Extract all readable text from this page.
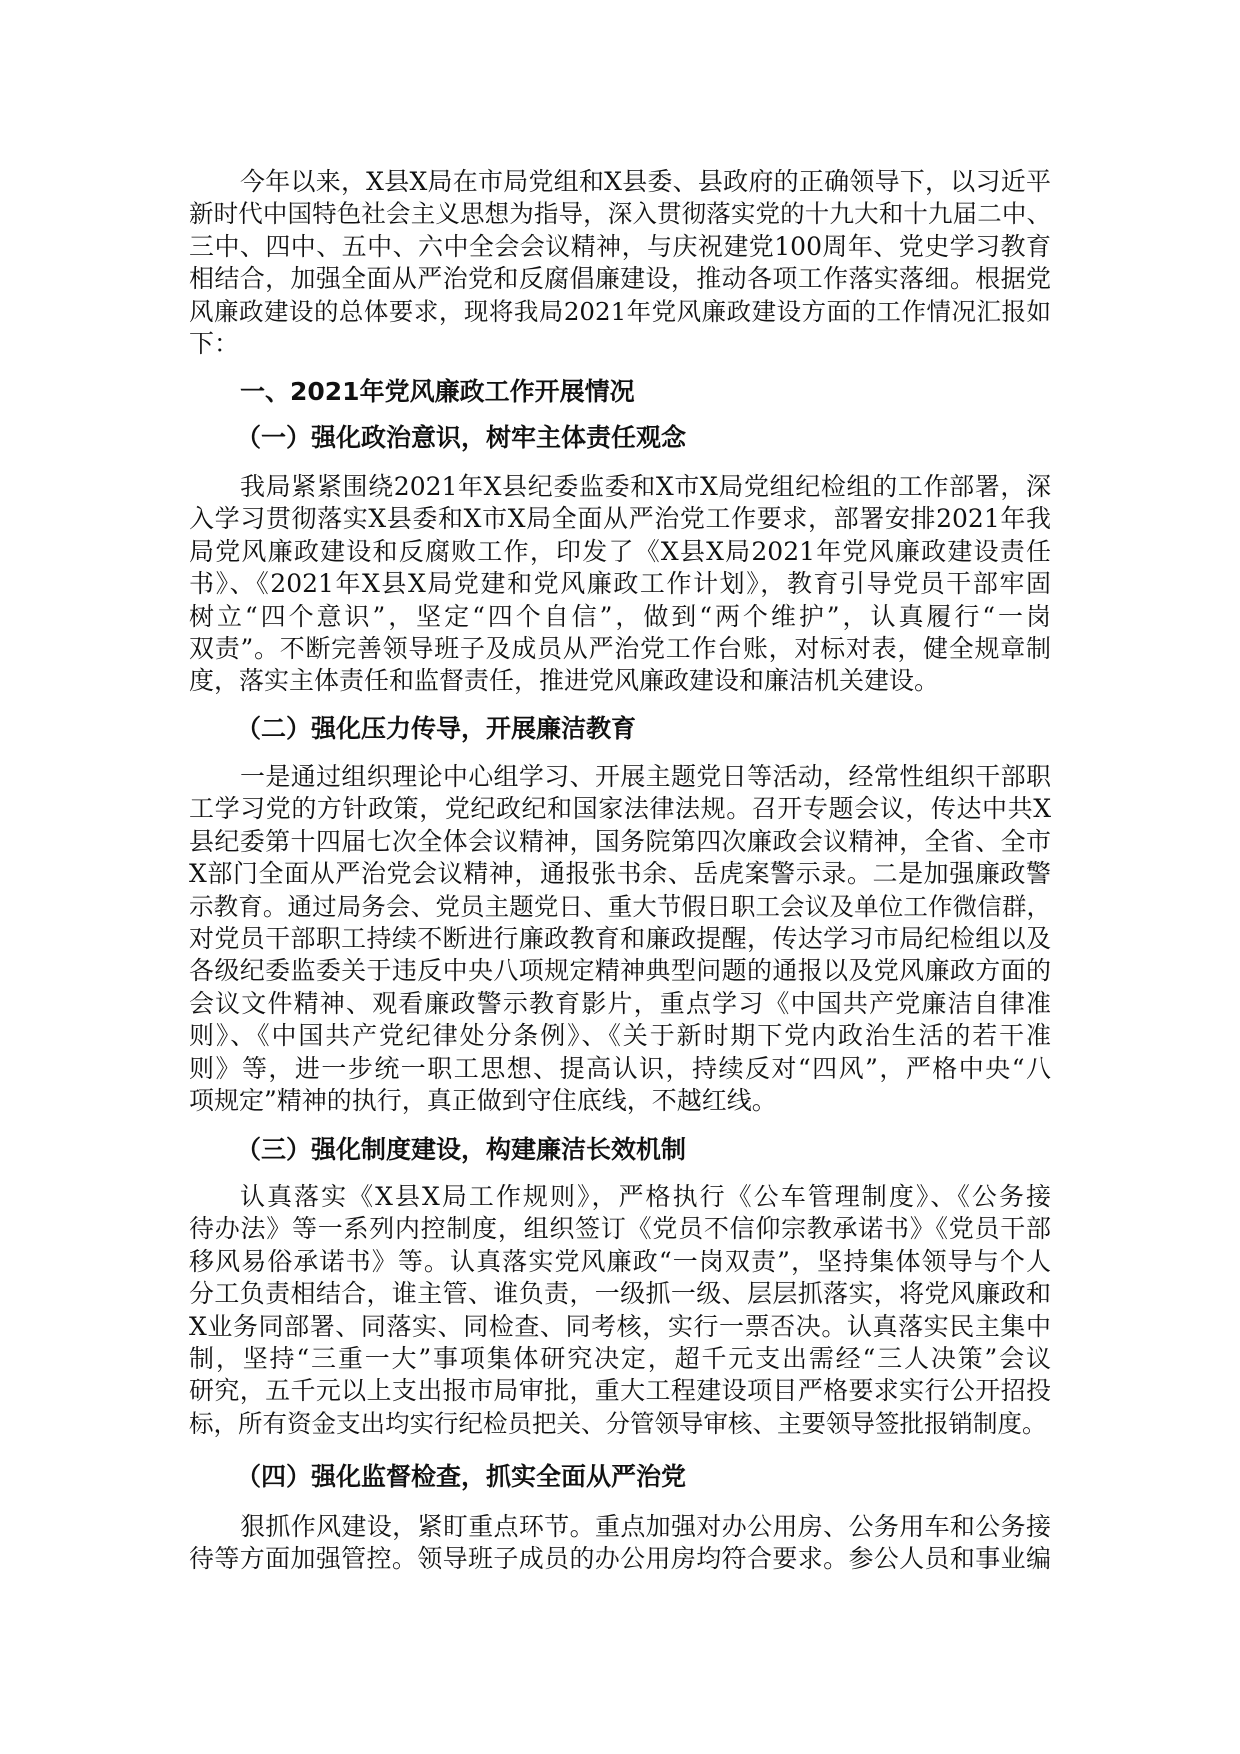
今年以来，X县X局在市局党组和X县委、县政府的正确领导下，以习近平
新时代中国特色社会主义思想为指导，深入贯彻落实党的十九大和十九届二中、
三中、四中、五中、六中全会会议精神，与庆祝建党100周年、党史学习教育
相结合，加强全面从严治党和反腐倡廉建设，推动各项工作落实落细。根据党
风廉政建设的总体要求，现将我局2021年党风廉政建设方面的工作情况汇报如
下：
一、2021年党风廉政工作开展情况
（一）强化政治意识，树牢主体责任观念
我局紧紧围绕2021年X县纪委监委和X市X局党组纪检组的工作部署，深
入学习贯彻落实X县委和X市X局全面从严治党工作要求，部署安排2021年我
局党风廉政建设和反腐败工作，印发了《X县X局2021年党风廉政建设责任
书》、《2021年X县X局党建和党风廉政工作计划》，教育引导党员干部牢固
树立“四个意识”，坚定“四个自信”，做到“两个维护”，认真履行“一岗
双责”。不断完善领导班子及成员从严治党工作台账，对标对表，健全规章制
度，落实主体责任和监督责任，推进党风廉政建设和廉洁机关建设。
（二）强化压力传导，开展廉洁教育
一是通过组织理论中心组学习、开展主题党日等活动，经常性组织干部职
工学习党的方针政策，党纪政纪和国家法律法规。召开专题会议，传达中共X
县纪委第十四届七次全体会议精神，国务院第四次廉政会议精神，全省、全市
X部门全面从严治党会议精神，通报张书余、岳虎案警示录。二是加强廉政警
示教育。通过局务会、党员主题党日、重大节假日职工会议及单位工作微信群，
对党员干部职工持续不断进行廉政教育和廉政提醒，传达学习市局纪检组以及
各级纪委监委关于违反中央八项规定精神典型问题的通报以及党风廉政方面的
会议文件精神、观看廉政警示教育影片，重点学习《中国共产党廉洁自律准
则》、《中国共产党纪律处分条例》、《关于新时期下党内政治生活的若干准
则》等，进一步统一职工思想、提高认识，持续反对“四风”，严格中央“八
项规定”精神的执行，真正做到守住底线，不越红线。
（三）强化制度建设，构建廉洁长效机制
认真落实《X县X局工作规则》，严格执行《公车管理制度》、《公务接
待办法》等一系列内控制度，组织签订《党员不信仰宗教承诺书》《党员干部
移风易俗承诺书》等。认真落实党风廉政“一岗双责”，坚持集体领导与个人
分工负责相结合，谁主管、谁负责，一级抓一级、层层抓落实，将党风廉政和
X业务同部署、同落实、同检查、同考核，实行一票否决。认真落实民主集中
制，坚持“三重一大”事项集体研究决定，超千元支出需经“三人决策”会议
研究，五千元以上支出报市局审批，重大工程建设项目严格要求实行公开招投
标，所有资金支出均实行纪检员把关、分管领导审核、主要领导签批报销制度。
（四）强化监督检查，抓实全面从严治党
狠抓作风建设，紧盯重点环节。重点加强对办公用房、公务用车和公务接
待等方面加强管控。领导班子成员的办公用房均符合要求。参公人员和事业编
